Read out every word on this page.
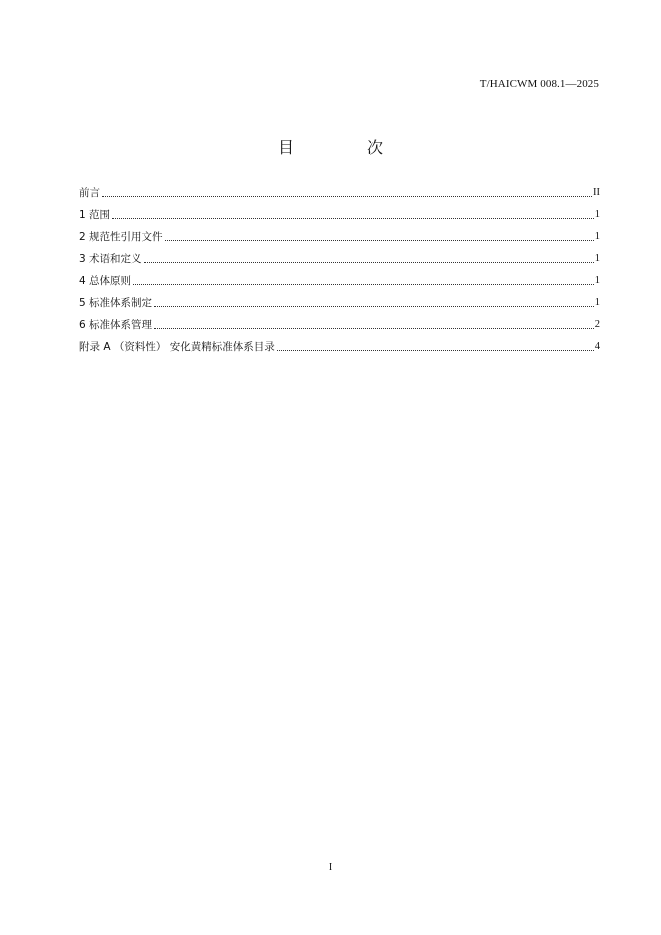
T/HAICWM 008.1—2025
目 次
前言	II
1 范围	1
2 规范性引用文件	1
3 术语和定义	1
4 总体原则	1
5 标准体系制定	1
6 标准体系管理	2
附录 A （资料性） 安化黄精标准体系目录	4
I
